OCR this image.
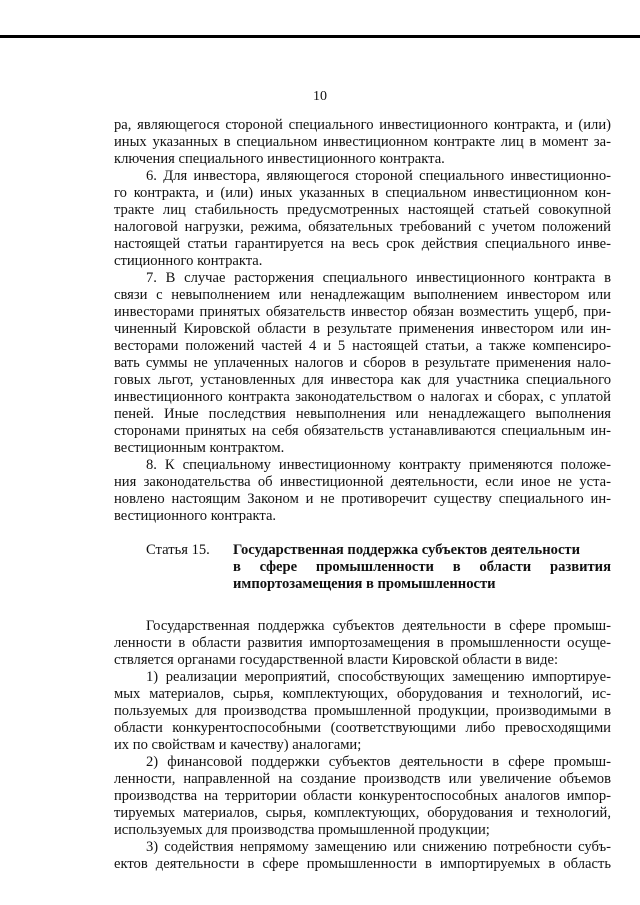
10
ра, являющегося стороной специального инвестиционного контракта, и (или)
иных указанных в специальном инвестиционном контракте лиц в момент за-
ключения специального инвестиционного контракта.
6. Для инвестора, являющегося стороной специального инвестиционно-
го контракта, и (или) иных указанных в специальном инвестиционном кон-
тракте лиц стабильность предусмотренных настоящей статьей совокупной
налоговой нагрузки, режима, обязательных требований с учетом положений
настоящей статьи гарантируется на весь срок действия специального инве-
стиционного контракта.
7. В случае расторжения специального инвестиционного контракта в
связи с невыполнением или ненадлежащим выполнением инвестором или
инвесторами принятых обязательств инвестор обязан возместить ущерб, при-
чиненный Кировской области в результате применения инвестором или ин-
весторами положений частей 4 и 5 настоящей статьи, а также компенсиро-
вать суммы не уплаченных налогов и сборов в результате применения нало-
говых льгот, установленных для инвестора как для участника специального
инвестиционного контракта законодательством о налогах и сборах, с уплатой
пеней. Иные последствия невыполнения или ненадлежащего выполнения
сторонами принятых на себя обязательств устанавливаются специальным ин-
вестиционным контрактом.
8. К специальному инвестиционному контракту применяются положе-
ния законодательства об инвестиционной деятельности, если иное не уста-
новлено настоящим Законом и не противоречит существу специального ин-
вестиционного контракта.
Статья 15. Государственная поддержка субъектов деятельности
в сфере промышленности в области развития
импортозамещения в промышленности
Государственная поддержка субъектов деятельности в сфере промыш-
ленности в области развития импортозамещения в промышленности осуще-
ствляется органами государственной власти Кировской области в виде:
1) реализации мероприятий, способствующих замещению импортируе-
мых материалов, сырья, комплектующих, оборудования и технологий, ис-
пользуемых для производства промышленной продукции, производимыми в
области конкурентоспособными (соответствующими либо превосходящими
их по свойствам и качеству) аналогами;
2) финансовой поддержки субъектов деятельности в сфере промыш-
ленности, направленной на создание производств или увеличение объемов
производства на территории области конкурентоспособных аналогов импор-
тируемых материалов, сырья, комплектующих, оборудования и технологий,
используемых для производства промышленной продукции;
3) содействия непрямому замещению или снижению потребности субъ-
ектов деятельности в сфере промышленности в импортируемых в область
